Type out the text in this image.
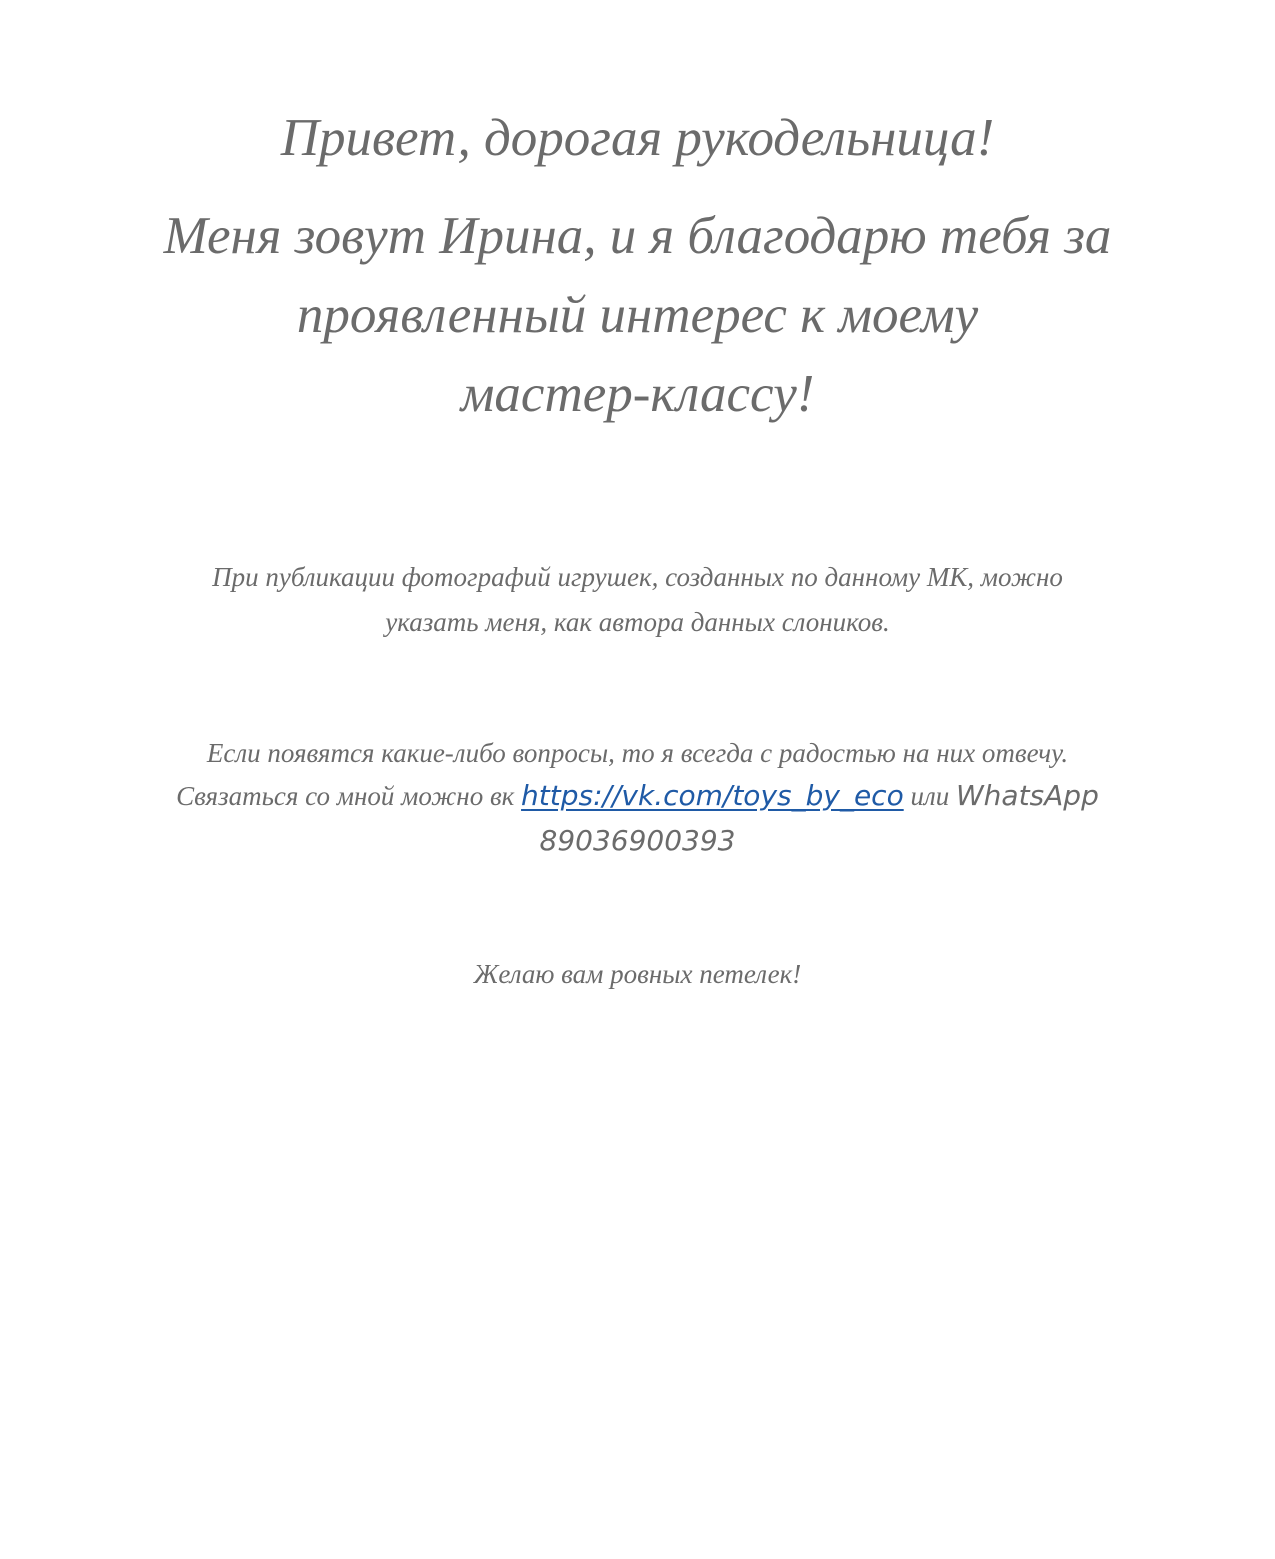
Привет, дорогая рукодельница!
Меня зовут Ирина, и я благодарю тебя за
проявленный интерес к моему
мастер-классу!
При публикации фотографий игрушек, созданных по данному МК, можно
указать меня, как автора данных слоников.
Если появятся какие-либо вопросы, то я всегда с радостью на них отвечу.
Связаться со мной можно вк https://vk.com/toys_by_eco или WhatsApp
89036900393
Желаю вам ровных петелек!
